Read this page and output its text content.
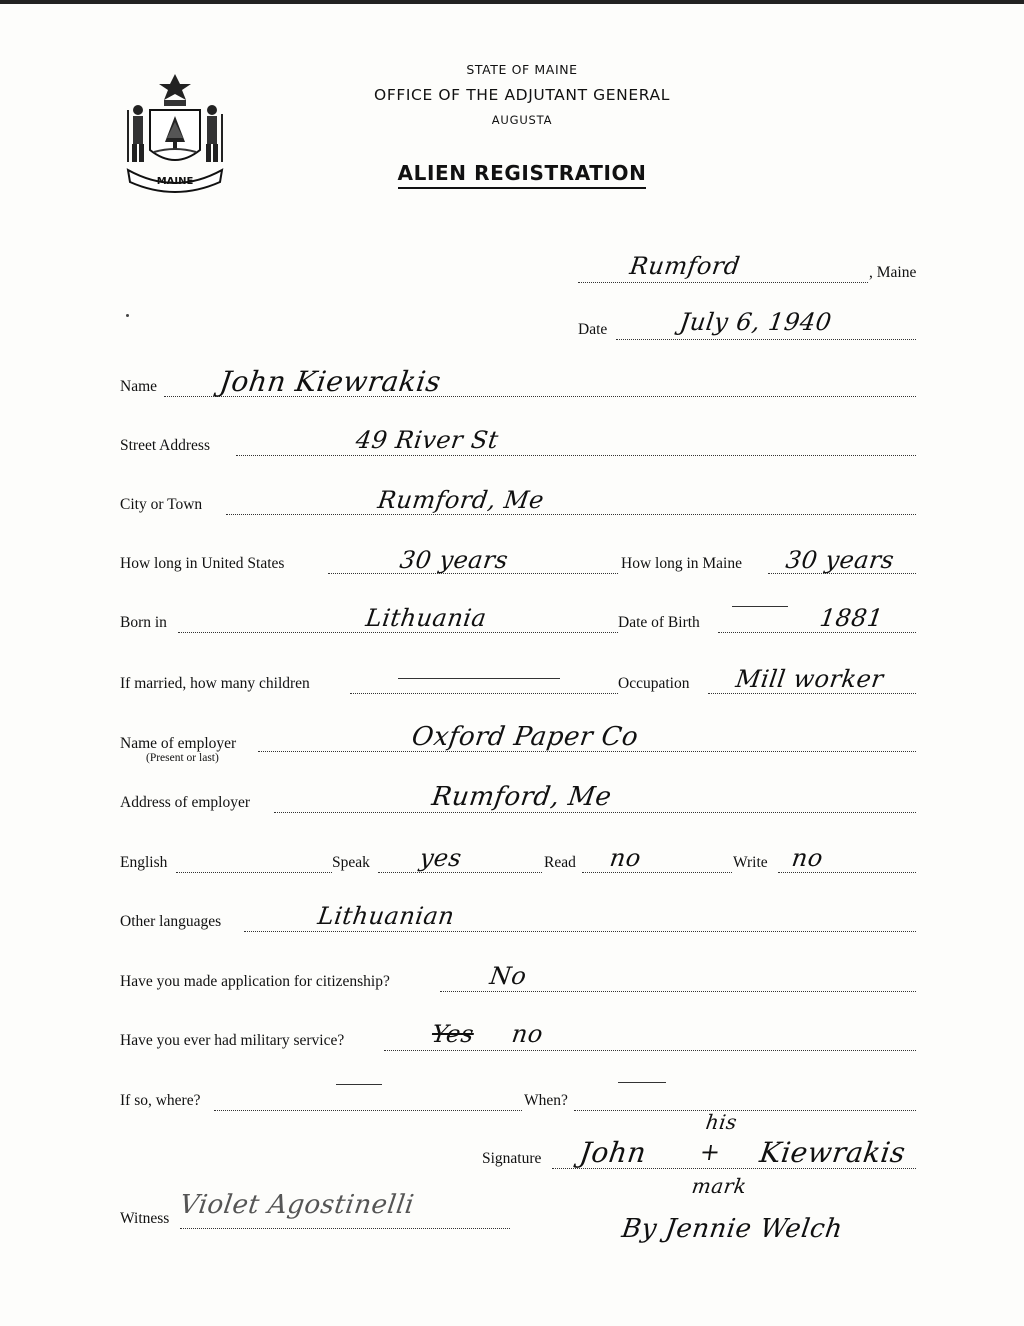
MAINE
STATE OF MAINE
OFFICE OF THE ADJUTANT GENERAL
AUGUSTA
ALIEN REGISTRATION
Rumford	, Maine
Date	July 6, 1940
Name John Kiewrakis
Street Address	49 River St
City or Town	Rumford, Me
How long in United States	30 years	How long in Maine 30 years
Born in	Lithuania	Date of Birth	1881
If married, how many children	Occupation Mill worker
Name of employer
(Present or last)
Oxford Paper Co
Address of employer	Rumford, Me
English	Speak yes	Read no	Write no
Other languages	Lithuanian
Have you made application for citizenship?	No
Have you ever had military service?	Yes no
If so, where?	When?
Signature John +
his
Kiewrakis
mark
By Jennie Welch
Witness Violet Agostinelli
